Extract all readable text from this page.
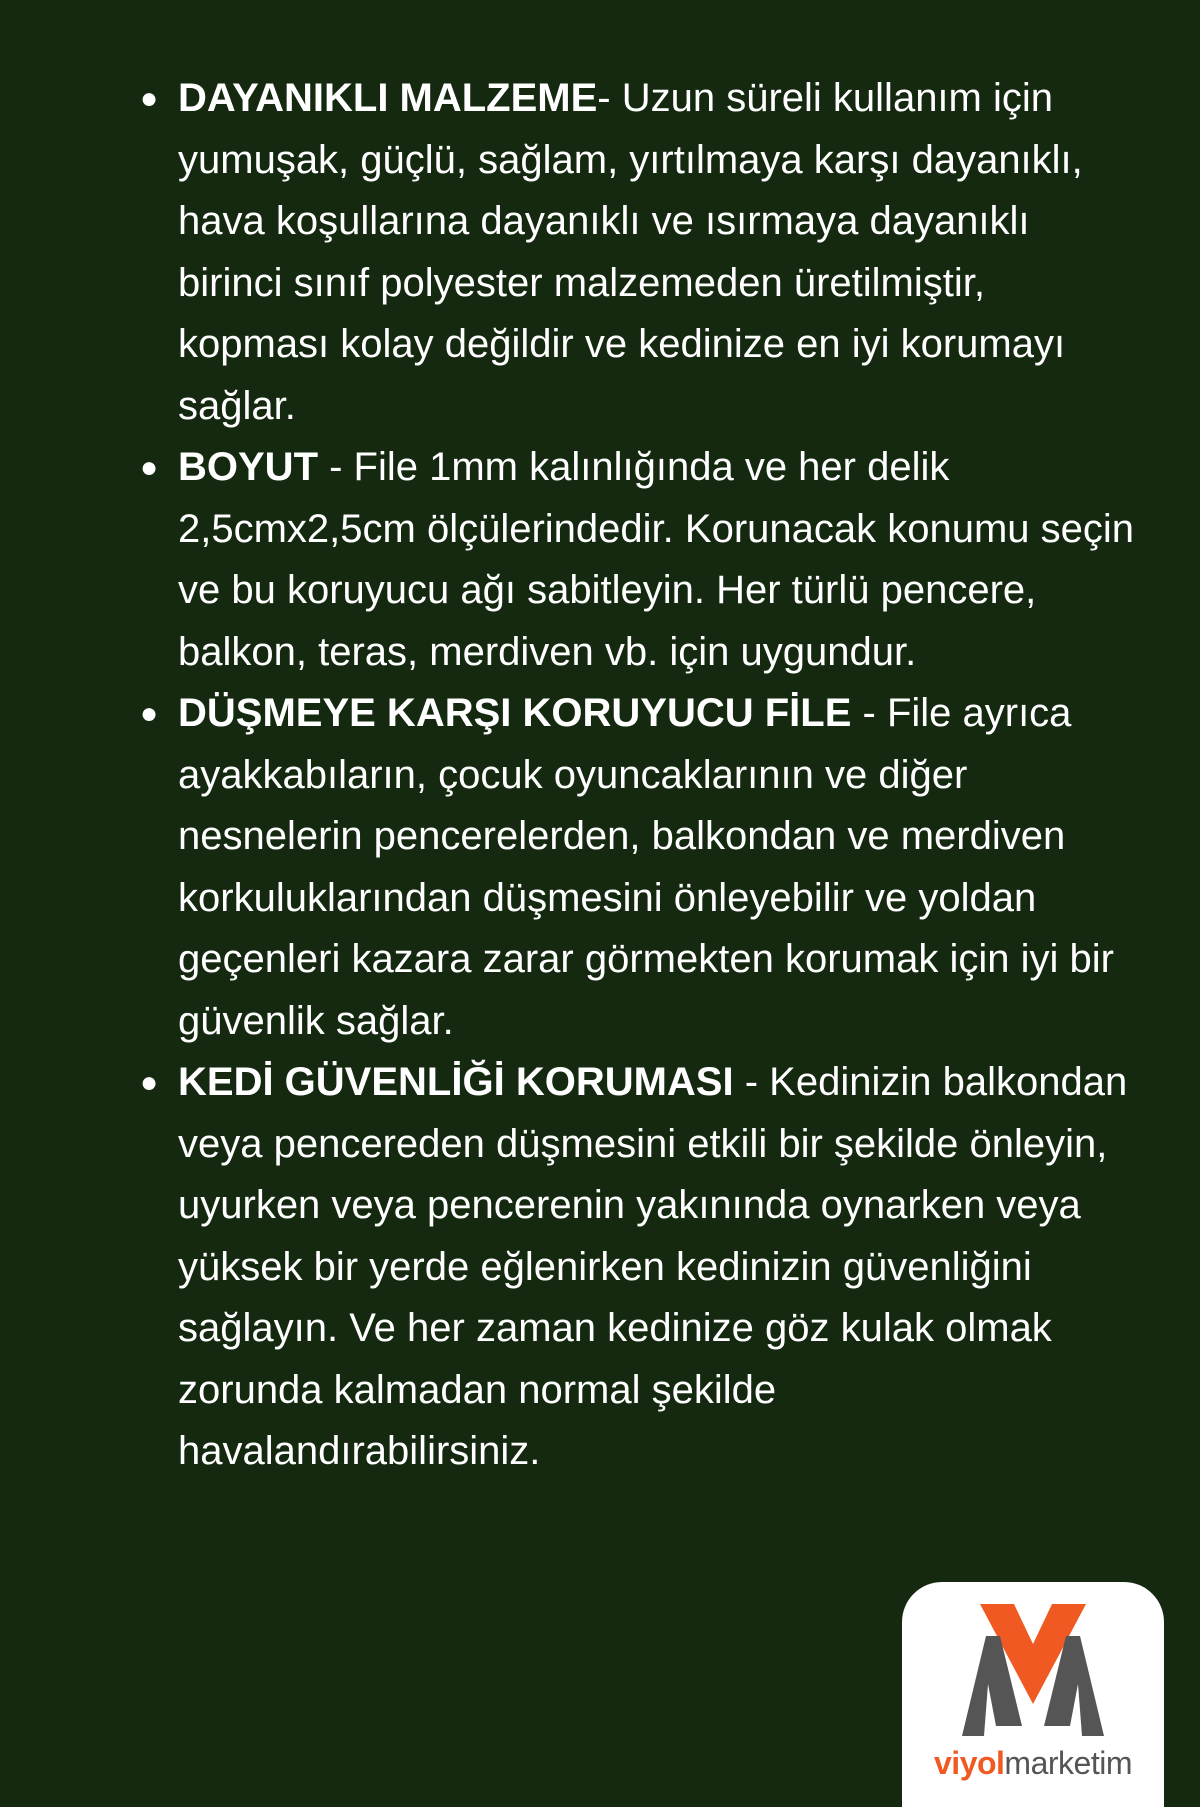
● DAYANIKLI MALZEME- Uzun süreli kullanım için yumuşak, güçlü, sağlam, yırtılmaya karşı dayanıklı, hava koşullarına dayanıklı ve ısırmaya dayanıklı birinci sınıf polyester malzemeden üretilmiştir, kopması kolay değildir ve kedinize en iyi korumayı sağlar.
● BOYUT - File 1mm kalınlığında ve her delik 2,5cmx2,5cm ölçülerindedir. Korunacak konumu seçin ve bu koruyucu ağı sabitleyin. Her türlü pencere, balkon, teras, merdiven vb. için uygundur.
● DÜŞMEYE KARŞI KORUYUCU FİLE - File ayrıca ayakkabıların, çocuk oyuncaklarının ve diğer nesnelerin pencerelerden, balkondan ve merdiven korkuluklarından düşmesini önleyebilir ve yoldan geçenleri kazara zarar görmekten korumak için iyi bir güvenlik sağlar.
● KEDİ GÜVENLİĞİ KORUMASI - Kedinizin balkondan veya pencereden düşmesini etkili bir şekilde önleyin, uyurken veya pencerenin yakınında oynarken veya yüksek bir yerde eğlenirken kedinizin güvenliğini sağlayın. Ve her zaman kedinize göz kulak olmak zorunda kalmadan normal şekilde havalandırabilirsiniz.
viyolmarketim
